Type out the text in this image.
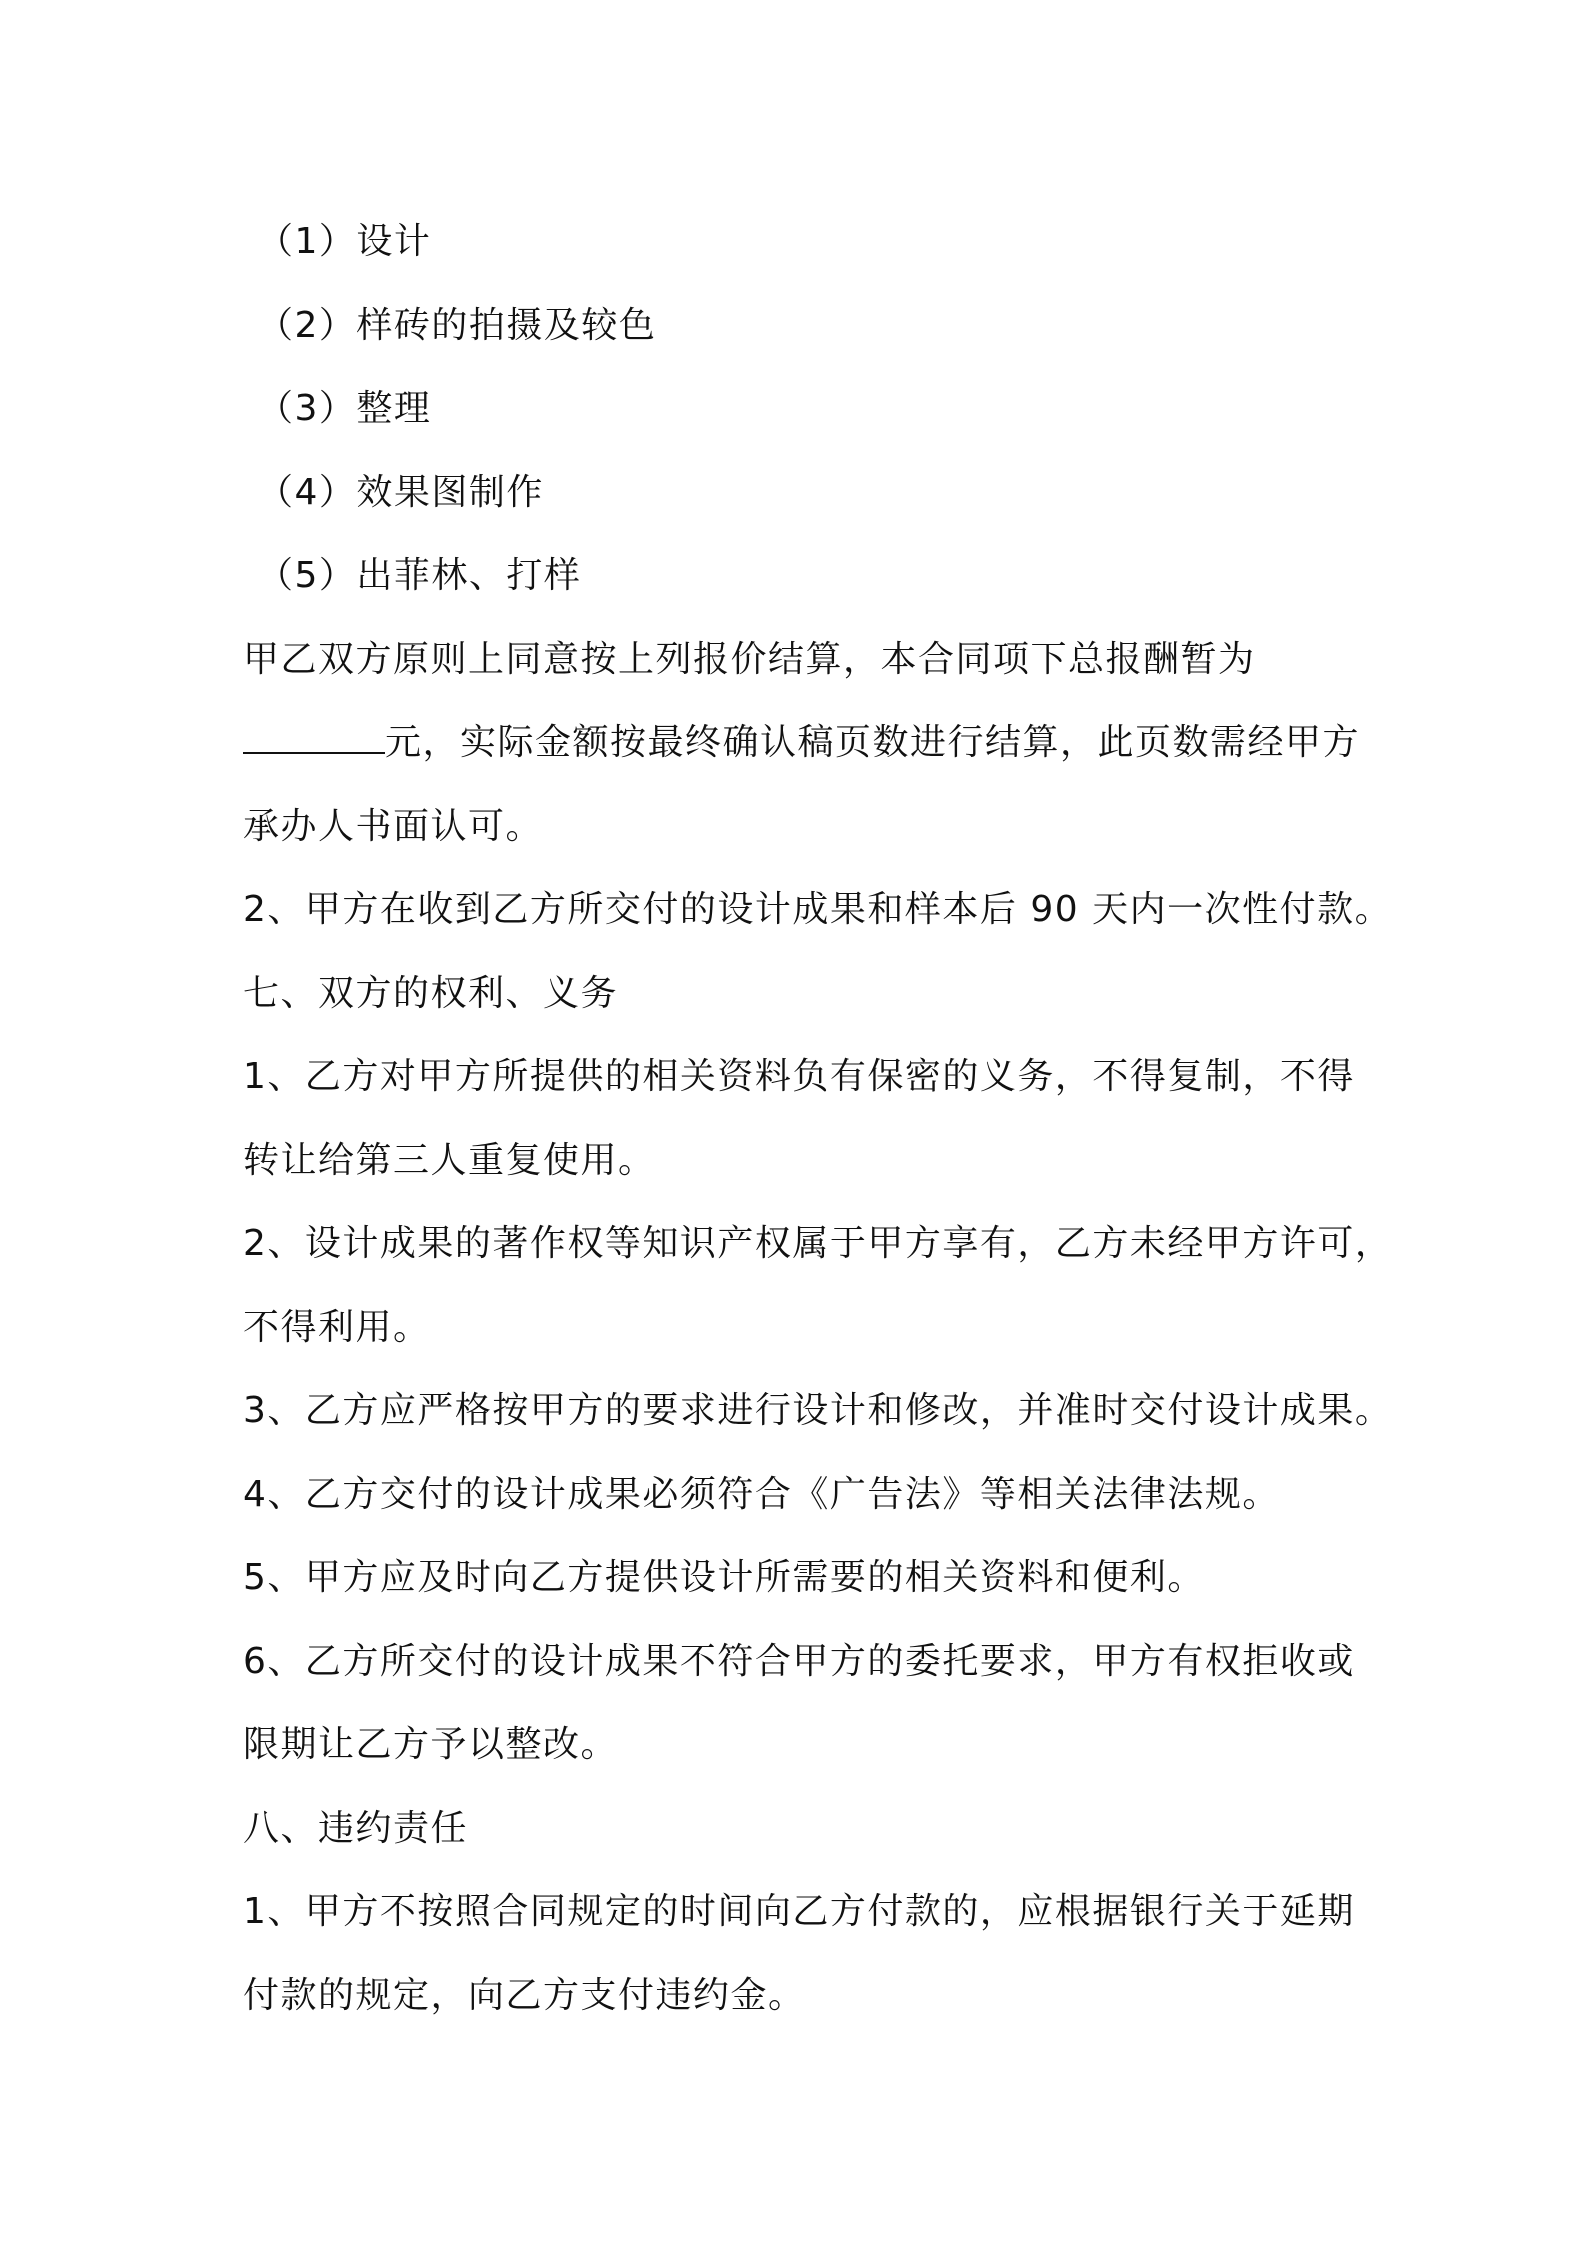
（1）设计
（2）样砖的拍摄及较色
（3）整理
（4）效果图制作
（5）出菲林、打样
甲乙双方原则上同意按上列报价结算，本合同项下总报酬暂为
元，实际金额按最终确认稿页数进行结算，此页数需经甲方
承办人书面认可。
2、甲方在收到乙方所交付的设计成果和样本后 90 天内一次性付款。
七、双方的权利、义务
1、乙方对甲方所提供的相关资料负有保密的义务，不得复制，不得
转让给第三人重复使用。
2、设计成果的著作权等知识产权属于甲方享有，乙方未经甲方许可，
不得利用。
3、乙方应严格按甲方的要求进行设计和修改，并准时交付设计成果。
4、乙方交付的设计成果必须符合《广告法》等相关法律法规。
5、甲方应及时向乙方提供设计所需要的相关资料和便利。
6、乙方所交付的设计成果不符合甲方的委托要求，甲方有权拒收或
限期让乙方予以整改。
八、违约责任
1、甲方不按照合同规定的时间向乙方付款的，应根据银行关于延期
付款的规定，向乙方支付违约金。
